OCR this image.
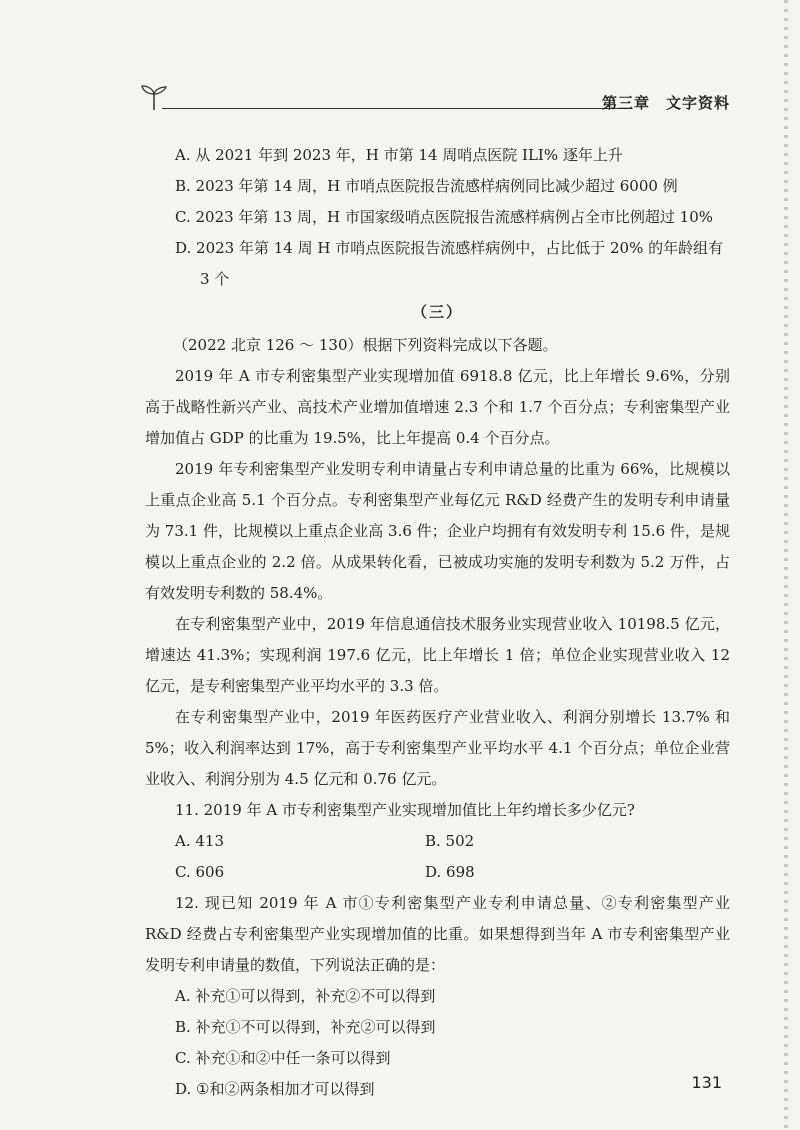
第三章　文字资料
A. 从 2021 年到 2023 年，H 市第 14 周哨点医院 ILI% 逐年上升
B. 2023 年第 14 周，H 市哨点医院报告流感样病例同比减少超过 6000 例
C. 2023 年第 13 周，H 市国家级哨点医院报告流感样病例占全市比例超过 10%
D. 2023 年第 14 周 H 市哨点医院报告流感样病例中，占比低于 20% 的年龄组有
3 个
（三）
（2022 北京 126 ～ 130）根据下列资料完成以下各题。

2019 年 A 市专利密集型产业实现增加值 6918.8 亿元，比上年增长 9.6%，分别高于战略性新兴产业、高技术产业增加值增速 2.3 个和 1.7 个百分点；专利密集型产业增加值占 GDP 的比重为 19.5%，比上年提高 0.4 个百分点。

2019 年专利密集型产业发明专利申请量占专利申请总量的比重为 66%，比规模以上重点企业高 5.1 个百分点。专利密集型产业每亿元 R&D 经费产生的发明专利申请量为 73.1 件，比规模以上重点企业高 3.6 件；企业户均拥有有效发明专利 15.6 件，是规模以上重点企业的 2.2 倍。从成果转化看，已被成功实施的发明专利数为 5.2 万件，占有效发明专利数的 58.4%。

在专利密集型产业中，2019 年信息通信技术服务业实现营业收入 10198.5 亿元，增速达 41.3%；实现利润 197.6 亿元，比上年增长 1 倍；单位企业实现营业收入 12 亿元，是专利密集型产业平均水平的 3.3 倍。

在专利密集型产业中，2019 年医药医疗产业营业收入、利润分别增长 13.7% 和 5%；收入利润率达到 17%，高于专利密集型产业平均水平 4.1 个百分点；单位企业营业收入、利润分别为 4.5 亿元和 0.76 亿元。

11. 2019 年 A 市专利密集型产业实现增加值比上年约增长多少亿元?
A. 413	B. 502
C. 606	D. 698

12. 现已知 2019 年 A 市①专利密集型产业专利申请总量、②专利密集型产业 R&D 经费占专利密集型产业实现增加值的比重。如果想得到当年 A 市专利密集型产业发明专利申请量的数值，下列说法正确的是：

A. 补充①可以得到，补充②不可以得到
B. 补充①不可以得到，补充②可以得到
C. 补充①和②中任一条可以得到
D. ①和②两条相加才可以得到	131
